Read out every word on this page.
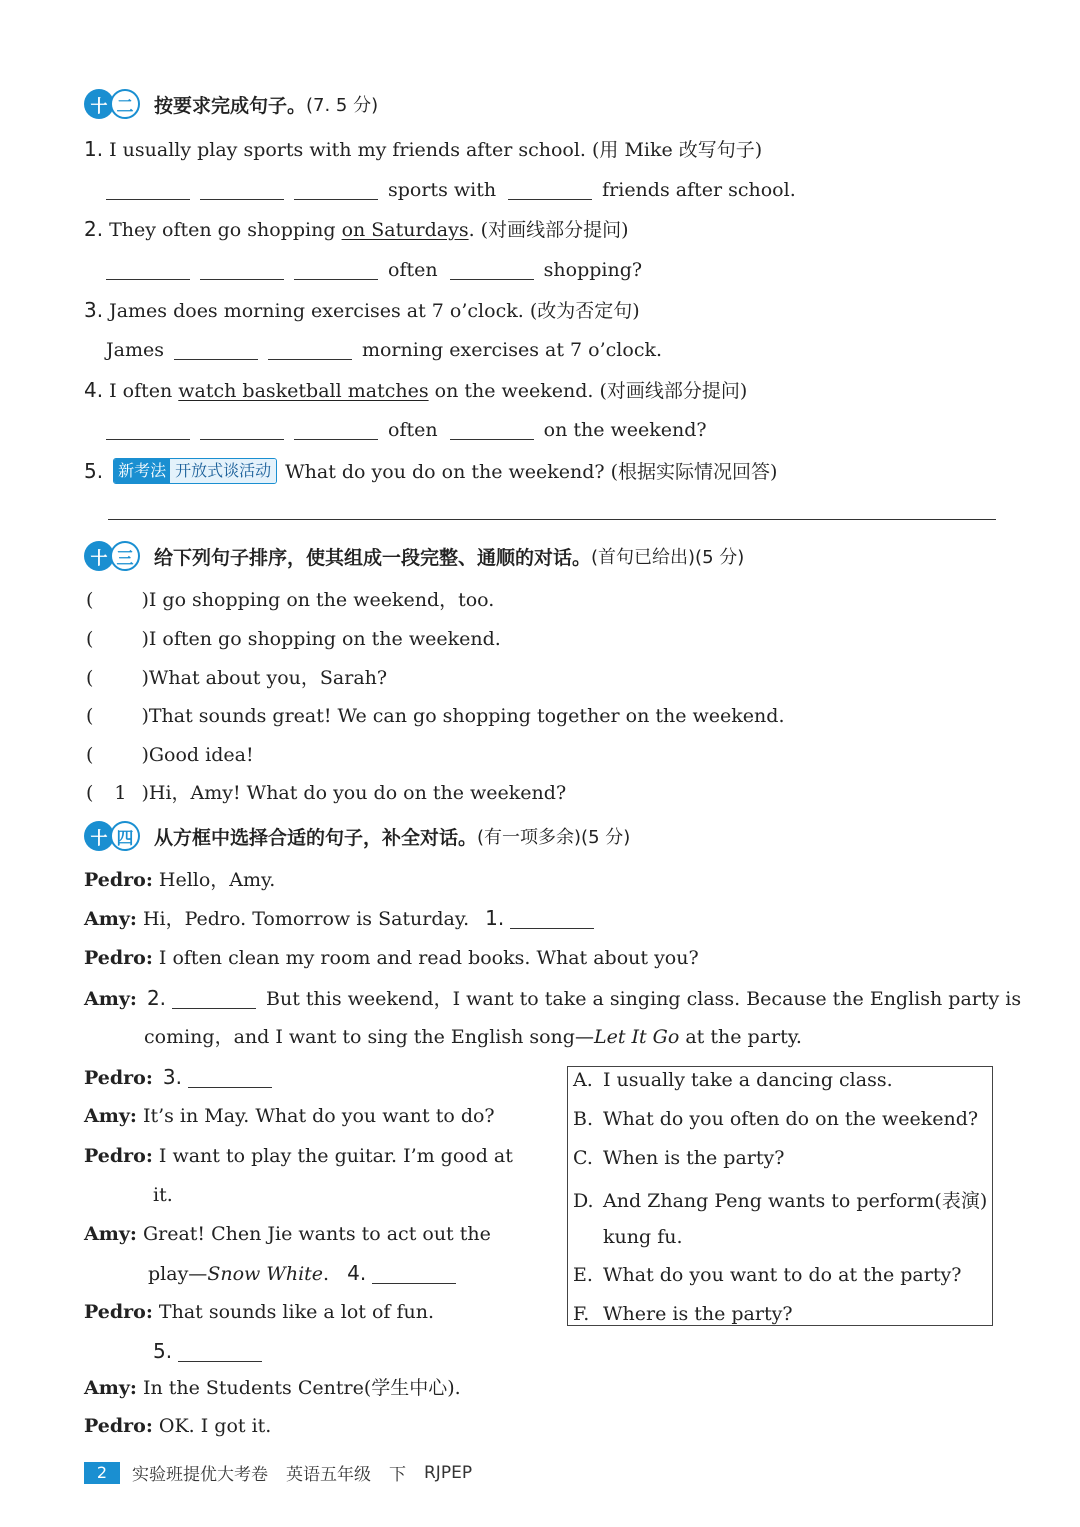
十 二	按要求完成句子。 (7. 5 分)
1. I usually play sports with my friends after school. (用 Mike 改写句子)
sports with	friends after school.
2. They often go shopping on Saturdays. (对画线部分提问)
often	shopping?
3. James does morning exercises at 7 o’clock. (改为否定句)
James	morning exercises at 7 o’clock.
4. I often watch basketball matches on the weekend. (对画线部分提问)
often	on the weekend?
5. 新考法 开放式谈活动 What do you do on the weekend? (根据实际情况回答)
十 三	给下列句子排序，使其组成一段完整、通顺的对话。 (首句已给出)(5 分)
( )I go shopping on the weekend，too.
( )I often go shopping on the weekend.
( )What about you，Sarah?
( )That sounds great! We can go shopping together on the weekend.
( )Good idea!
( 1 )Hi，Amy! What do you do on the weekend?
十 四	从方框中选择合适的句子，补全对话。 (有一项多余)(5 分)
Pedro: Hello，Amy.
Amy: Hi，Pedro. Tomorrow is Saturday. 1.
Pedro: I often clean my room and read books. What about you?
Amy: 2.	But this weekend，I want to take a singing class. Because the English party is
coming，and I want to sing the English song—Let It Go at the party.
Pedro: 3.
Amy: It’s in May. What do you want to do?
Pedro: I want to play the guitar. I’m good at
it.
Amy: Great! Chen Jie wants to act out the
play—Snow White. 4.
Pedro: That sounds like a lot of fun.
5.
Amy: In the Students Centre(学生中心).
Pedro: OK. I got it.
A. I usually take a dancing class.
B. What do you often do on the weekend?
C. When is the party?
D. And Zhang Peng wants to perform(表演)
kung fu.
E. What do you want to do at the party?
F. Where is the party?
2	实验班提优大考卷 英语五年级 下 RJPEP
